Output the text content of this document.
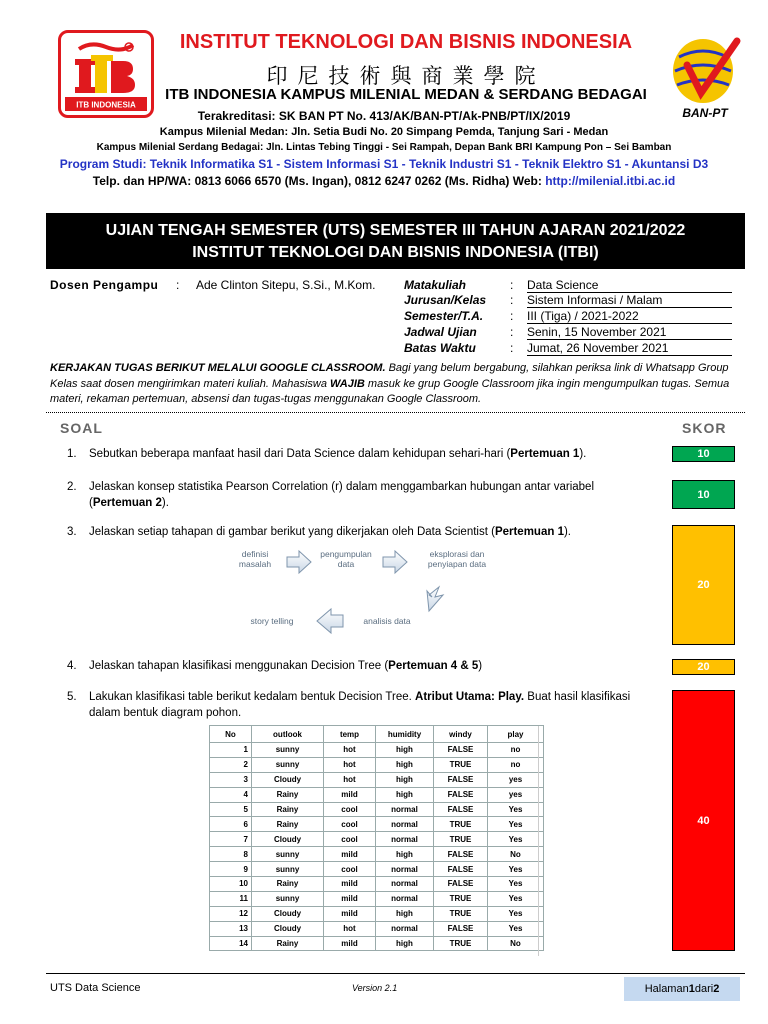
ITB INDONESIA
BAN-PT
INSTITUT TEKNOLOGI DAN BISNIS INDONESIA
印尼技術與商業學院
ITB INDONESIA KAMPUS MILENIAL MEDAN & SERDANG BEDAGAI
Terakreditasi: SK BAN PT No. 413/AK/BAN-PT/Ak-PNB/PT/IX/2019
Kampus Milenial Medan: Jln. Setia Budi No. 20 Simpang Pemda, Tanjung Sari - Medan
Kampus Milenial Serdang Bedagai: Jln. Lintas Tebing Tinggi - Sei Rampah, Depan Bank BRI Kampung Pon – Sei Bamban
Program Studi: Teknik Informatika S1 - Sistem Informasi S1 - Teknik Industri S1 - Teknik Elektro S1 - Akuntansi D3
Telp. dan HP/WA: 0813 6066 6570 (Ms. Ingan), 0812 6247 0262 (Ms. Ridha) Web: http://milenial.itbi.ac.id
UJIAN TENGAH SEMESTER (UTS) SEMESTER III TAHUN AJARAN 2021/2022
INSTITUT TEKNOLOGI DAN BISNIS INDONESIA (ITBI)
Dosen Pengampu : Ade Clinton Sitepu, S.Si., M.Kom. Matakuliah	: Data Science
Jurusan/Kelas : Sistem Informasi / Malam
Semester/T.A. : III (Tiga) / 2021-2022
Jadwal Ujian	: Senin, 15 November 2021
Batas Waktu	: Jumat, 26 November 2021
KERJAKAN TUGAS BERIKUT MELALUI GOOGLE CLASSROOM. Bagi yang belum bergabung, silahkan periksa link di Whatsapp Group Kelas saat dosen mengirimkan materi kuliah. Mahasiswa WAJIB masuk ke grup Google Classroom jika ingin mengumpulkan tugas. Semua materi, rekaman pertemuan, absensi dan tugas-tugas menggunakan Google Classroom.
SOAL	SKOR
1. Sebutkan beberapa manfaat hasil dari Data Science dalam kehidupan sehari-hari (Pertemuan 1).	10
2. Jelaskan konsep statistika Pearson Correlation (r) dalam menggambarkan hubungan antar variabel (Pertemuan 2).
10
3. Jelaskan setiap tahapan di gambar berikut yang dikerjakan oleh Data Scientist (Pertemuan 1).
20
definisi
masalah
pengumpulan
data
eksplorasi dan
penyiapan data
analisis data
story telling
4. Jelaskan tahapan klasifikasi menggunakan Decision Tree (Pertemuan 4 & 5)	20
5. Lakukan klasifikasi table berikut kedalam bentuk Decision Tree. Atribut Utama: Play. Buat hasil klasifikasi dalam bentuk diagram pohon.
40
No	outlook	temp	humidity	windy	play
1	sunny	hot	high	FALSE	no
2	sunny	hot	high	TRUE	no
3	Cloudy	hot	high	FALSE	yes
4	Rainy	mild	high	FALSE	yes
5	Rainy	cool	normal	FALSE	Yes
6	Rainy	cool	normal	TRUE	Yes
7	Cloudy	cool	normal	TRUE	Yes
8	sunny	mild	high	FALSE	No
9	sunny	cool	normal	FALSE	Yes
10	Rainy	mild	normal	FALSE	Yes
11	sunny	mild	normal	TRUE	Yes
12	Cloudy	mild	high	TRUE	Yes
13	Cloudy	hot	normal	FALSE	Yes
14	Rainy	mild	high	TRUE	No
UTS Data Science	Version 2.1	Halaman 1 dari 2
